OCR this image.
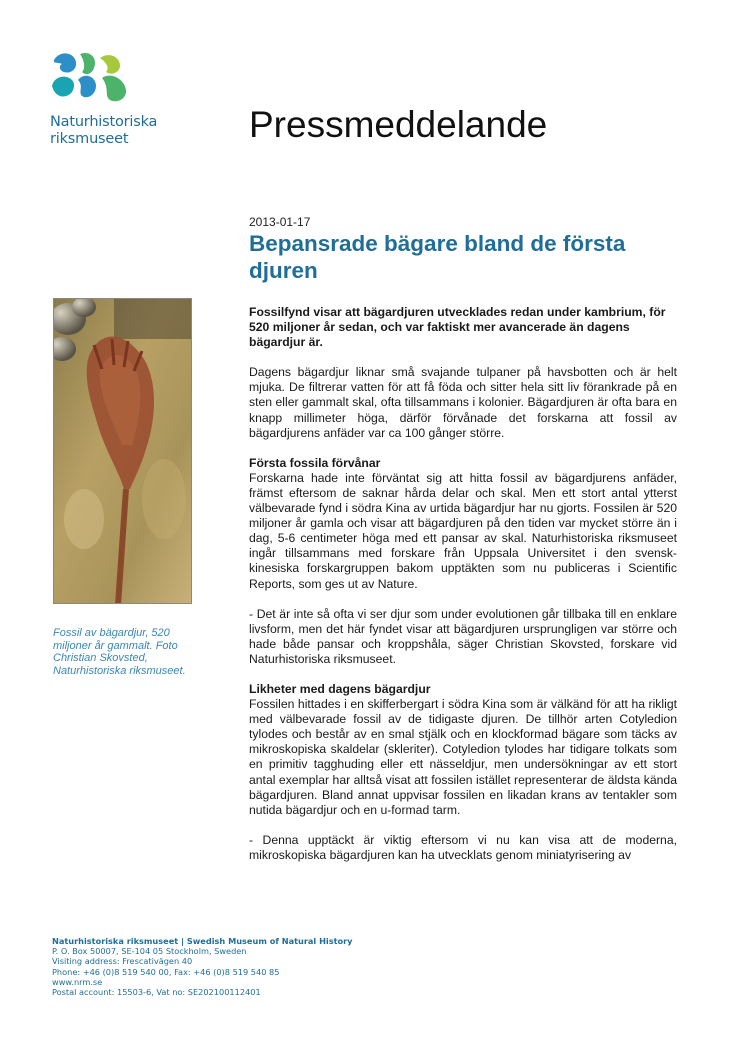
Naturhistoriska
riksmuseet	Pressmeddelande
2013-01-17
Bepansrade bägare bland de första djuren
Fossil av bägardjur, 520 miljoner år gammalt. Foto Christian Skovsted, Naturhistoriska riksmuseet.

Fossilfynd visar att bägardjuren utvecklades redan under kambrium, för 520 miljoner år sedan, och var faktiskt mer avancerade än dagens bägardjur är.

Dagens bägardjur liknar små svajande tulpaner på havsbotten och är helt mjuka. De filtrerar vatten för att få föda och sitter hela sitt liv förankrade på en sten eller gammalt skal, ofta tillsammans i kolonier. Bägardjuren är ofta bara en knapp millimeter höga, därför förvånade det forskarna att fossil av bägardjurens anfäder var ca 100 gånger större.

Första fossila förvånar

Forskarna hade inte förväntat sig att hitta fossil av bägardjurens anfäder, främst eftersom de saknar hårda delar och skal. Men ett stort antal ytterst välbevarade fynd i södra Kina av urtida bägardjur har nu gjorts. Fossilen är 520 miljoner år gamla och visar att bägardjuren på den tiden var mycket större än i dag, 5-6 centimeter höga med ett pansar av skal. Naturhistoriska riksmuseet ingår tillsammans med forskare från Uppsala Universitet i den svensk-kinesiska forskargruppen bakom upptäkten som nu publiceras i Scientific Reports, som ges ut av Nature.

- Det är inte så ofta vi ser djur som under evolutionen går tillbaka till en enklare livsform, men det här fyndet visar att bägardjuren ursprungligen var större och hade både pansar och kroppshåla, säger Christian Skovsted, forskare vid Naturhistoriska riksmuseet.

Likheter med dagens bägardjur

Fossilen hittades i en skifferbergart i södra Kina som är välkänd för att ha rikligt med välbevarade fossil av de tidigaste djuren. De tillhör arten Cotyledion tylodes och består av en smal stjälk och en klockformad bägare som täcks av mikroskopiska skaldelar (skleriter). Cotyledion tylodes har tidigare tolkats som en primitiv tagghuding eller ett nässeldjur, men undersökningar av ett stort antal exemplar har alltså visat att fossilen istället representerar de äldsta kända bägardjuren. Bland annat uppvisar fossilen en likadan krans av tentakler som nutida bägardjur och en u-formad tarm.

- Denna upptäckt är viktig eftersom vi nu kan visa att de moderna, mikroskopiska bägardjuren kan ha utvecklats genom miniatyrisering av

Naturhistoriska riksmuseet | Swedish Museum of Natural History
P. O. Box 50007, SE-104 05 Stockholm, Sweden
Visiting address: Frescativägen 40
Phone: +46 (0)8 519 540 00, Fax: +46 (0)8 519 540 85
www.nrm.se
Postal account: 15503-6, Vat no: SE202100112401
